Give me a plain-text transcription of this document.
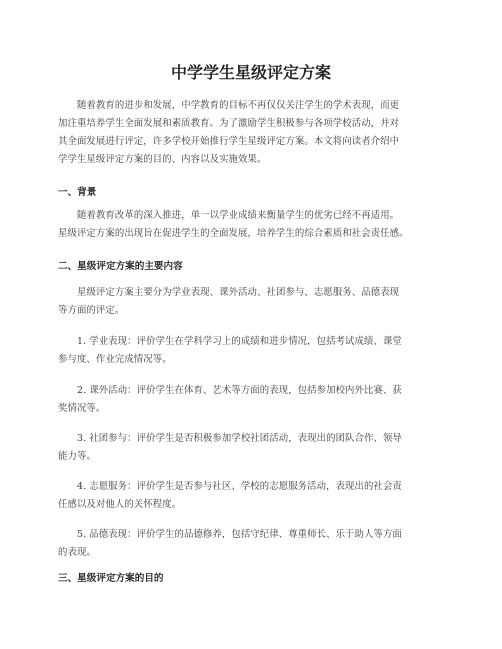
中学学生星级评定方案

随着教育的进步和发展，中学教育的目标不再仅仅关注学生的学术表现，而更
加注重培养学生全面发展和素质教育。为了激励学生积极参与各项学校活动，并对
其全面发展进行评定，许多学校开始推行学生星级评定方案。本文将向读者介绍中
学学生星级评定方案的目的、内容以及实施效果。

一、背景

随着教育改革的深入推进，单一以学业成绩来衡量学生的优劣已经不再适用。
星级评定方案的出现旨在促进学生的全面发展，培养学生的综合素质和社会责任感。

二、星级评定方案的主要内容

星级评定方案主要分为学业表现、课外活动、社团参与、志愿服务、品德表现
等方面的评定。

1. 学业表现：评价学生在学科学习上的成绩和进步情况，包括考试成绩、课堂
参与度、作业完成情况等。

2. 课外活动：评价学生在体育、艺术等方面的表现，包括参加校内外比赛、获
奖情况等。

3. 社团参与：评价学生是否积极参加学校社团活动，表现出的团队合作、领导
能力等。

4. 志愿服务：评价学生是否参与社区、学校的志愿服务活动，表现出的社会责
任感以及对他人的关怀程度。

5. 品德表现：评价学生的品德修养，包括守纪律、尊重师长、乐于助人等方面
的表现。

三、星级评定方案的目的
